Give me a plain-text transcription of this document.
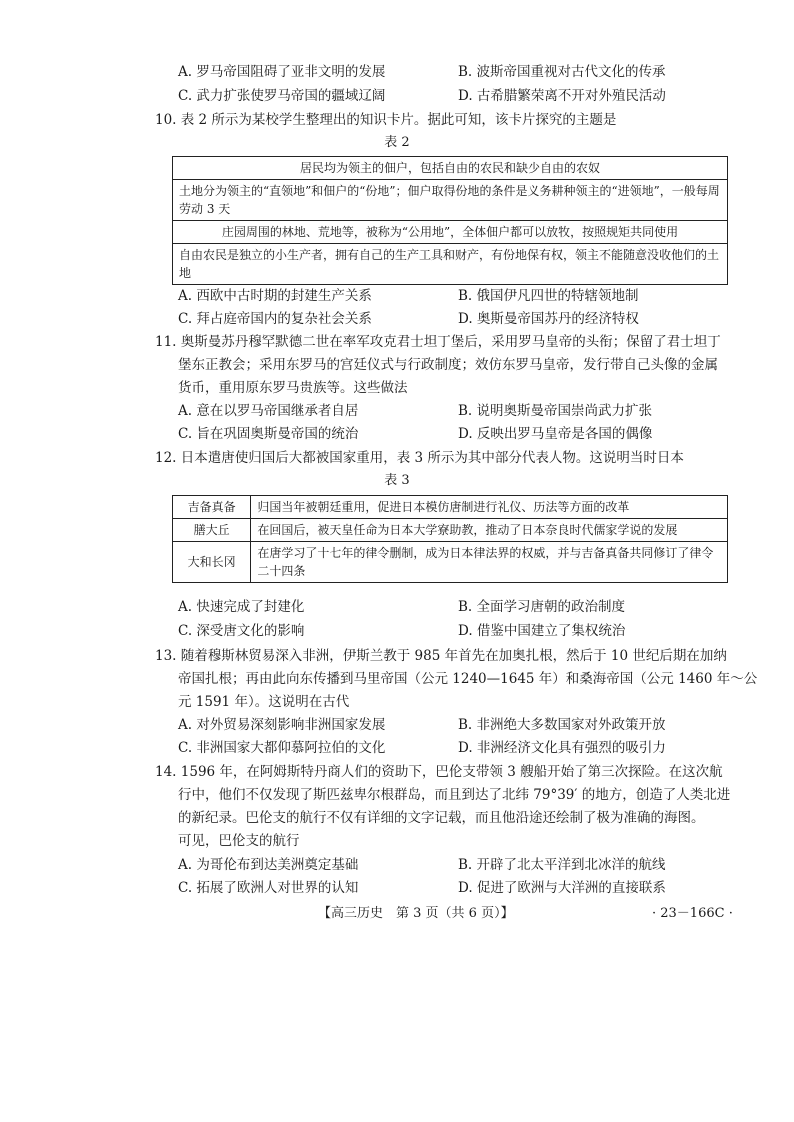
A. 罗马帝国阻碍了亚非文明的发展	B. 波斯帝国重视对古代文化的传承
C. 武力扩张使罗马帝国的疆域辽阔	D. 古希腊繁荣离不开对外殖民活动
10. 表 2 所示为某校学生整理出的知识卡片。据此可知，该卡片探究的主题是
表 2
居民均为领主的佃户，包括自由的农民和缺少自由的农奴

土地分为领主的“直领地”和佃户的“份地”；佃户取得份地的条件是义务耕种领主的“进领地”，一般每周
劳动 3 天

庄园周围的林地、荒地等，被称为“公用地”，全体佃户都可以放牧，按照规矩共同使用
自由农民是独立的小生产者，拥有自己的生产工具和财产，有份地保有权，领主不能随意没收他们的土地
A. 西欧中古时期的封建生产关系	B. 俄国伊凡四世的特辖领地制
C. 拜占庭帝国内的复杂社会关系	D. 奥斯曼帝国苏丹的经济特权
11. 奥斯曼苏丹穆罕默德二世在率军攻克君士坦丁堡后，采用罗马皇帝的头衔；保留了君士坦丁
堡东正教会；采用东罗马的宫廷仪式与行政制度；效仿东罗马皇帝，发行带自己头像的金属
货币，重用原东罗马贵族等。这些做法
A. 意在以罗马帝国继承者自居	B. 说明奥斯曼帝国崇尚武力扩张
C. 旨在巩固奥斯曼帝国的统治	D. 反映出罗马皇帝是各国的偶像
12. 日本遣唐使归国后大都被国家重用，表 3 所示为其中部分代表人物。这说明当时日本
表 3
吉备真备	归国当年被朝廷重用，促进日本模仿唐制进行礼仪、历法等方面的改革
膳大丘	在回国后，被天皇任命为日本大学寮助教，推动了日本奈良时代儒家学说的发展
大和长冈	在唐学习了十七年的律令删制，成为日本律法界的权威，并与吉备真备共同修订了律令二十四条
A. 快速完成了封建化	B. 全面学习唐朝的政治制度
C. 深受唐文化的影响	D. 借鉴中国建立了集权统治
13. 随着穆斯林贸易深入非洲，伊斯兰教于 985 年首先在加奥扎根，然后于 10 世纪后期在加纳
帝国扎根；再由此向东传播到马里帝国（公元 1240—1645 年）和桑海帝国（公元 1460 年～公
元 1591 年）。这说明在古代
A. 对外贸易深刻影响非洲国家发展	B. 非洲绝大多数国家对外政策开放
C. 非洲国家大都仰慕阿拉伯的文化	D. 非洲经济文化具有强烈的吸引力
14. 1596 年，在阿姆斯特丹商人们的资助下，巴伦支带领 3 艘船开始了第三次探险。在这次航
行中，他们不仅发现了斯匹兹卑尔根群岛，而且到达了北纬 79°39′ 的地方，创造了人类北进
的新纪录。巴伦支的航行不仅有详细的文字记载，而且他沿途还绘制了极为准确的海图。
可见，巴伦支的航行
A. 为哥伦布到达美洲奠定基础	B. 开辟了北太平洋到北冰洋的航线
C. 拓展了欧洲人对世界的认知	D. 促进了欧洲与大洋洲的直接联系
【高三历史　第 3 页（共 6 页）】	· 23－166C ·
